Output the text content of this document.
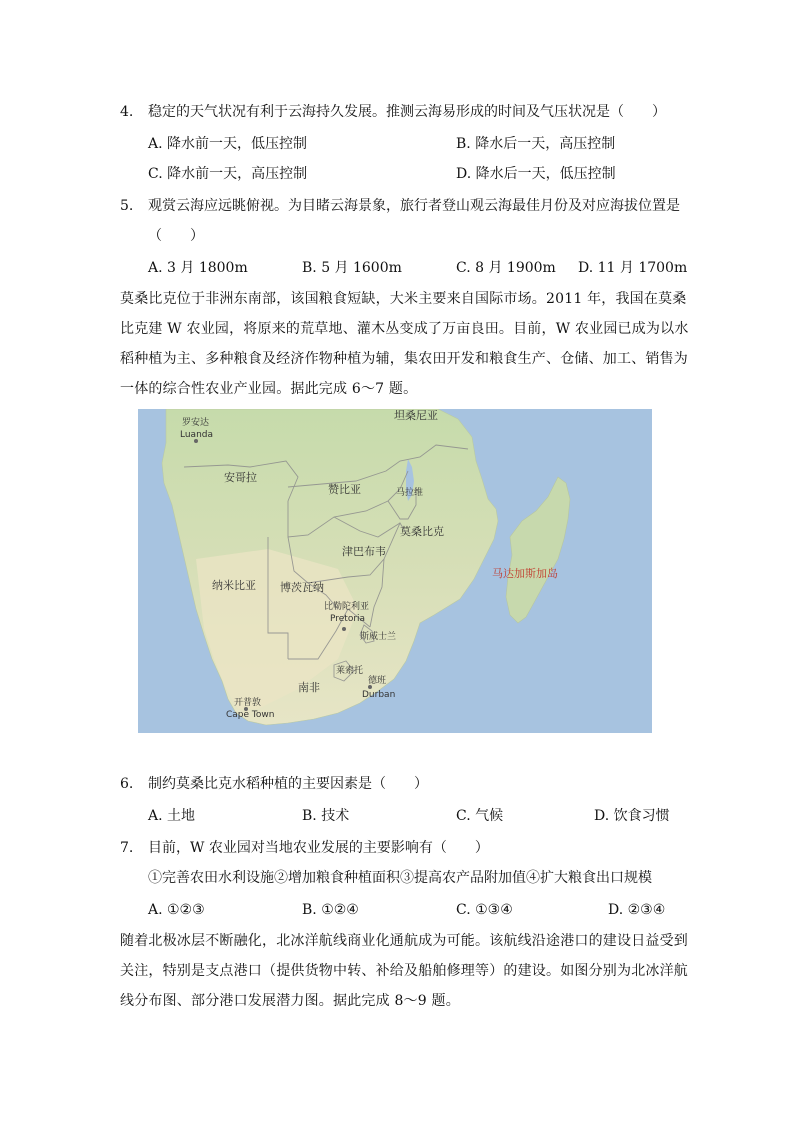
4. 稳定的天气状况有利于云海持久发展。推测云海易形成的时间及气压状况是（　　）
A. 降水前一天，低压控制	B. 降水后一天，高压控制
C. 降水前一天，高压控制	D. 降水后一天，低压控制
5. 观赏云海应远眺俯视。为目睹云海景象，旅行者登山观云海最佳月份及对应海拔位置是
（　　）
A. 3 月 1800m	B. 5 月 1600m	C. 8 月 1900m D. 11 月 1700m
莫桑比克位于非洲东南部，该国粮食短缺，大米主要来自国际市场。2011 年，我国在莫桑
比克建 W 农业园，将原来的荒草地、灌木丛变成了万亩良田。目前，W 农业园已成为以水
稻种植为主、多种粮食及经济作物种植为辅，集农田开发和粮食生产、仓储、加工、销售为
一体的综合性农业产业园。据此完成 6～7 题。
罗安达
Luanda
坦桑尼亚
安哥拉
赞比亚	马拉维
莫桑比克
津巴布韦
马达加斯加岛
纳米比亚 博茨瓦纳
比勒陀利亚
Pretoria
斯威士兰
莱索托
德班
Durban
南非
开普敦
Cape Town
6. 制约莫桑比克水稻种植的主要因素是（　　）
A. 土地	B. 技术	C. 气候	D. 饮食习惯
7. 目前，W 农业园对当地农业发展的主要影响有（　　）
①完善农田水利设施②增加粮食种植面积③提高农产品附加值④扩大粮食出口规模
A. ①②③	B. ①②④	C. ①③④	D. ②③④
随着北极冰层不断融化，北冰洋航线商业化通航成为可能。该航线沿途港口的建设日益受到
关注，特别是支点港口（提供货物中转、补给及船舶修理等）的建设。如图分别为北冰洋航
线分布图、部分港口发展潜力图。据此完成 8～9 题。
